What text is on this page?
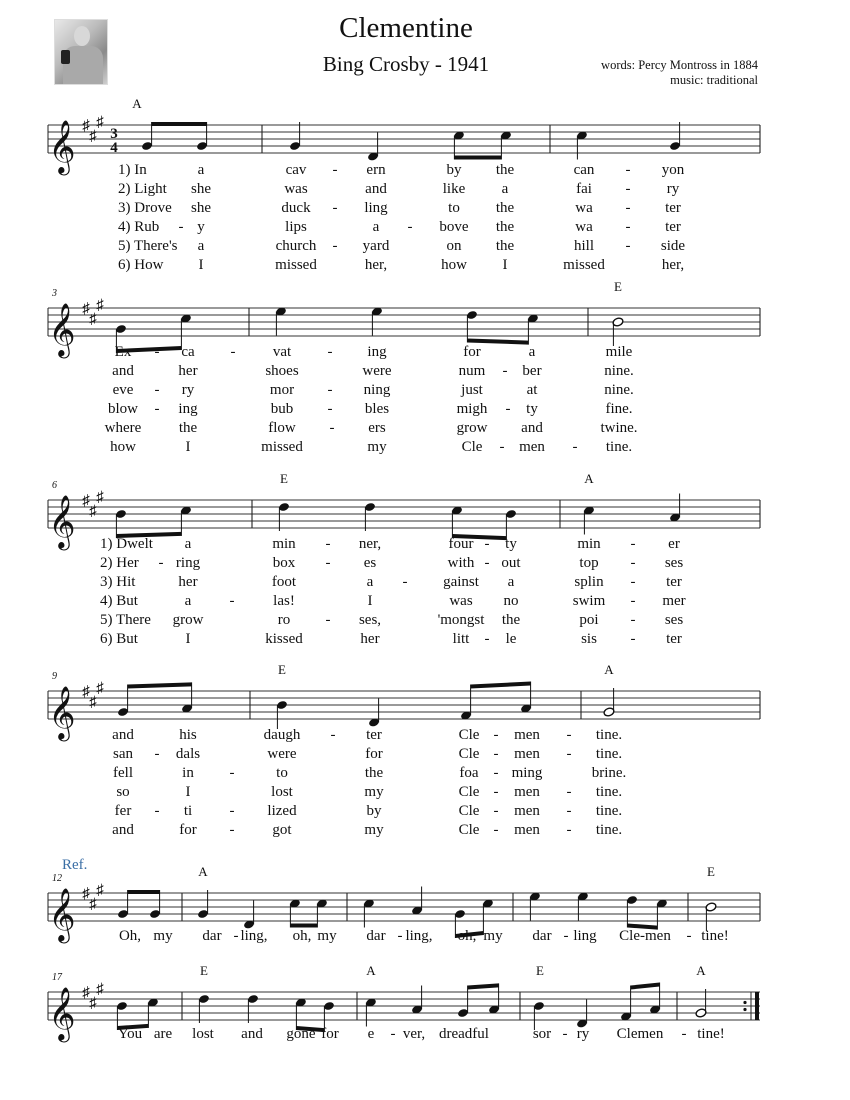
Clementine
Bing Crosby - 1941	words: Percy Montross in 1884
music: traditional
𝄞 ♯
♯
♯
3
4
A
1) In	a	cav - ern	by the	can - yon
2) Light she	was	and	like a	fai - ry
3) Drove she	duck - ling	to the	wa - ter
4) Rub - y	lips	a - bove the	wa - ter
5) There's a	church - yard	on the	hill - side
6) How I	missed	her,	how I	missed	her,
𝄞 ♯
♯
♯
3	E
Ex - ca - vat - ing	for	a	mile
and	her	shoes	were	num - ber	nine.
eve - ry	mor - ning	just	at	nine.
blow - ing	bub - bles	migh - ty	fine.
where	the	flow - ers	grow and	twine.
how	I	missed	my	Cle - men - tine.
𝄞 ♯
♯
♯
6	E	A
1) Dwelt a	min - ner,	four - ty	min - er
2) Her - ring	box - es	with - out	top - ses
3) Hit	her	foot	a - gainst a	splin - ter
4) But	a	-	las!	I	was no	swim - mer
5) There grow	ro - ses,	'mongst the	poi - ses
6) But	I	kissed	her	litt - le	sis - ter
𝄞 ♯
♯
♯
9	E	A
and	his	daugh - ter	Cle - men - tine.
san - dals	were	for	Cle - men - tine.
fell	in -	to	the	foa - ming	brine.
so	I	lost	my	Cle - men - tine.
fer - ti - lized	by	Cle - men - tine.
and	for -	got	my	Cle - men - tine.
𝄞 ♯
♯
♯
12
Ref.	A	E
Oh, my dar - ling, oh, my dar - ling, oh, my dar - ling Cle-men - tine!
𝄞 ♯
♯
♯
17	E	A	E	A
You are lost and gone for e - ver, dreadful	sor - ry Clemen - tine!
